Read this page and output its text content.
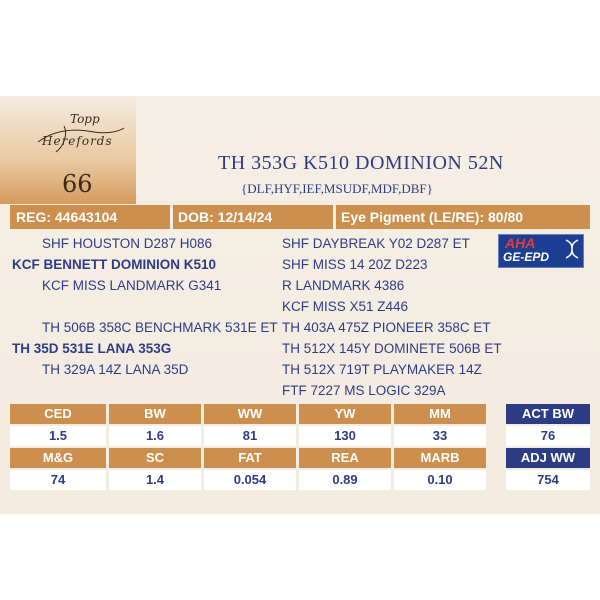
Topp
Herefords
66
TH 353G K510 DOMINION 52N
{DLF,HYF,IEF,MSUDF,MDF,DBF}
REG: 44643104	DOB: 12/14/24	Eye Pigment (LE/RE): 80/80
SHF HOUSTON D287 H086
KCF BENNETT DOMINION K510
KCF MISS LANDMARK G341
TH 506B 358C BENCHMARK 531E ET
TH 35D 531E LANA 353G
TH 329A 14Z LANA 35D
SHF DAYBREAK Y02 D287 ET
SHF MISS 14 20Z D223
R LANDMARK 4386
KCF MISS X51 Z446
TH 403A 475Z PIONEER 358C ET
TH 512X 145Y DOMINETE 506B ET
TH 512X 719T PLAYMAKER 14Z
FTF 7227 MS LOGIC 329A
AHA
GE-EPD
CED	BW	WW	YW	MM	ACT BW
1.5	1.6	81	130	33	76
M&G	SC	FAT	REA	MARB	ADJ WW
74	1.4	0.054	0.89	0.10	754
